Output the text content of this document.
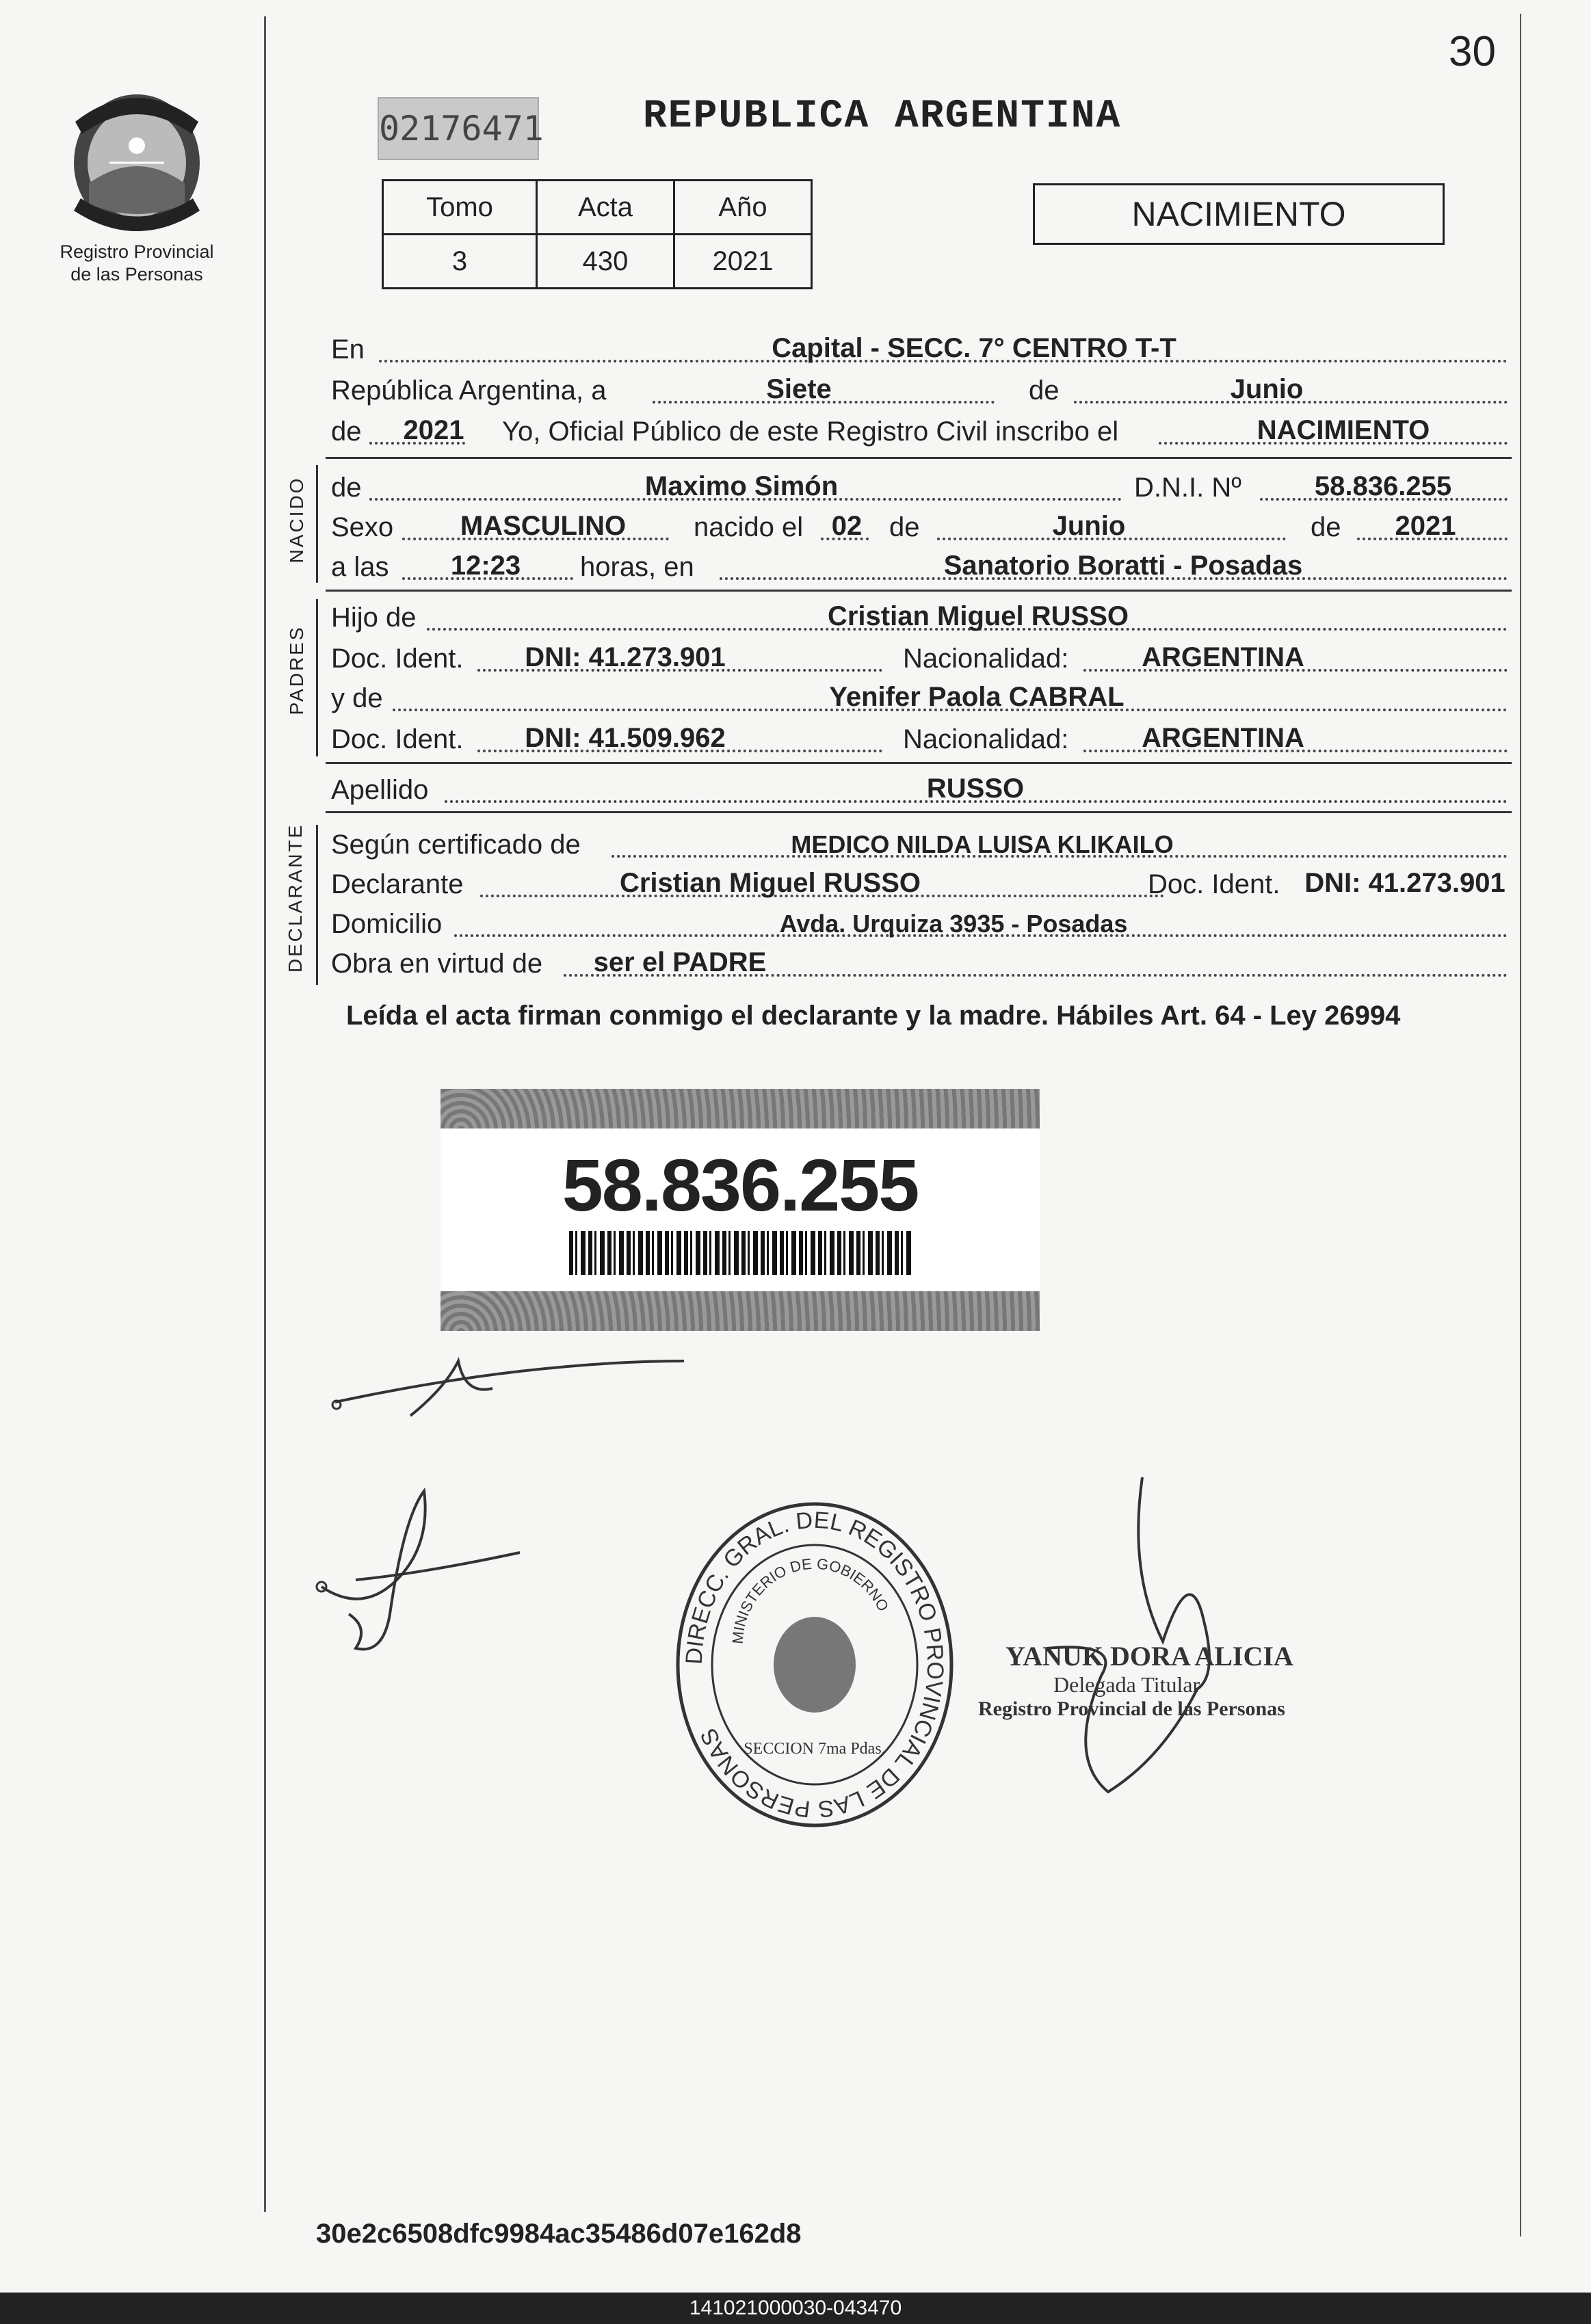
Registro Provincial
de las Personas
30
02176471	REPUBLICA ARGENTINA
Tomo	Acta	Año
3	430	2021
NACIMIENTO
En	Capital - SECC. 7° CENTRO T-T
República Argentina, a	Siete	de	Junio
de 2021 Yo, Oficial Público de este Registro Civil inscribo el	NACIMIENTO
NACIDO de	Maximo Simón	D.N.I. Nº	58.836.255
Sexo MASCULINO nacido el 02 de	Junio	de 2021
a las 12:23 horas, en	Sanatorio Boratti - Posadas
PADRES
Hijo de	Cristian Miguel RUSSO
Doc. Ident. DNI: 41.273.901	Nacionalidad:	ARGENTINA
y de	Yenifer Paola CABRAL
Doc. Ident. DNI: 41.509.962	Nacionalidad:	ARGENTINA
Apellido	RUSSO
DECLARANTE Según certificado de	MEDICO NILDA LUISA KLIKAILO
Declarante	Cristian Miguel RUSSO	Doc. Ident. DNI: 41.273.901
Domicilio	Avda. Urquiza 3935 - Posadas
Obra en virtud de ser el PADRE
Leída el acta firman conmigo el declarante y la madre. Hábiles Art. 64 - Ley 26994
58.836.255
DIRECC. GRAL. DEL REGISTRO PROVINCIAL DE LAS PERSONAS
MINISTERIO DE GOBIERNO
SECCION 7ma Pdas.
YANUK DORA ALICIA
Delegada Titular
Registro Provincial de las Personas
30e2c6508dfc9984ac35486d07e162d8
141021000030-043470
